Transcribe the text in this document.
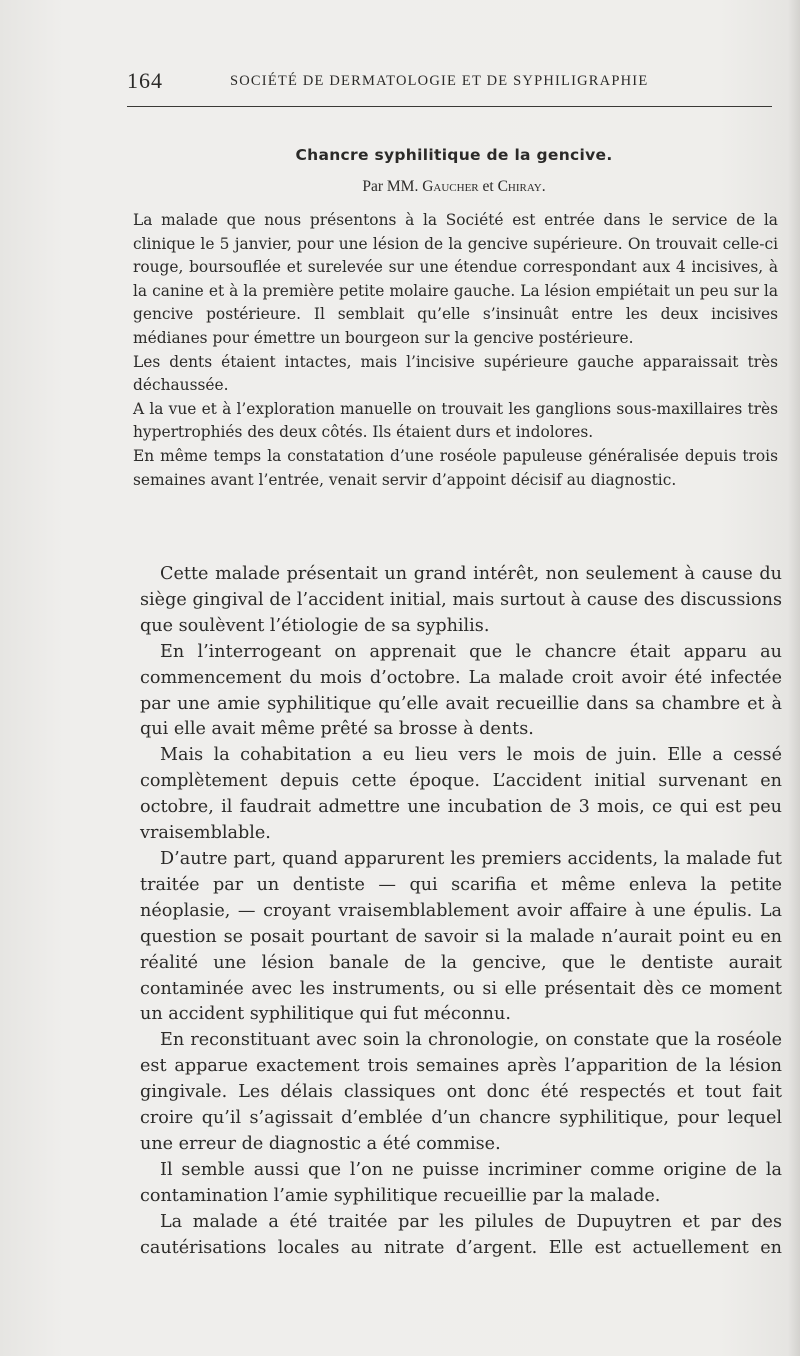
164	SOCIÉTÉ DE DERMATOLOGIE ET DE SYPHILIGRAPHIE
Chancre syphilitique de la gencive.
Par MM. Gaucher et Chiray.

La malade que nous présentons à la Société est entrée dans le service de la clinique le 5 janvier, pour une lésion de la gencive supérieure. On trouvait celle-ci rouge, boursouflée et surelevée sur une étendue correspondant aux 4 incisives, à la canine et à la première petite molaire gauche. La lésion empiétait un peu sur la gencive postérieure. Il semblait qu’elle s’insinuât entre les deux incisives médianes pour émettre un bourgeon sur la gencive postérieure.

Les dents étaient intactes, mais l’incisive supérieure gauche apparaissait très déchaussée.

A la vue et à l’exploration manuelle on trouvait les ganglions sous-maxillaires très hypertrophiés des deux côtés. Ils étaient durs et indolores.

En même temps la constatation d’une roséole papuleuse généralisée depuis trois semaines avant l’entrée, venait servir d’appoint décisif au diagnostic.

Cette malade présentait un grand intérêt, non seulement à cause du siège gingival de l’accident initial, mais surtout à cause des discussions que soulèvent l’étiologie de sa syphilis.

En l’interrogeant on apprenait que le chancre était apparu au commencement du mois d’octobre. La malade croit avoir été infectée par une amie syphilitique qu’elle avait recueillie dans sa chambre et à qui elle avait même prêté sa brosse à dents.

Mais la cohabitation a eu lieu vers le mois de juin. Elle a cessé complètement depuis cette époque. L’accident initial survenant en octobre, il faudrait admettre une incubation de 3 mois, ce qui est peu vraisemblable.

D’autre part, quand apparurent les premiers accidents, la malade fut traitée par un dentiste — qui scarifia et même enleva la petite néoplasie, — croyant vraisemblablement avoir affaire à une épulis. La question se posait pourtant de savoir si la malade n’aurait point eu en réalité une lésion banale de la gencive, que le dentiste aurait contaminée avec les instruments, ou si elle présentait dès ce moment un accident syphilitique qui fut méconnu.

En reconstituant avec soin la chronologie, on constate que la roséole est apparue exactement trois semaines après l’apparition de la lésion gingivale. Les délais classiques ont donc été respectés et tout fait croire qu’il s’agissait d’emblée d’un chancre syphilitique, pour lequel une erreur de diagnostic a été commise.

Il semble aussi que l’on ne puisse incriminer comme origine de la contamination l’amie syphilitique recueillie par la malade.

La malade a été traitée par les pilules de Dupuytren et par des cautérisations locales au nitrate d’argent. Elle est actuellement en
